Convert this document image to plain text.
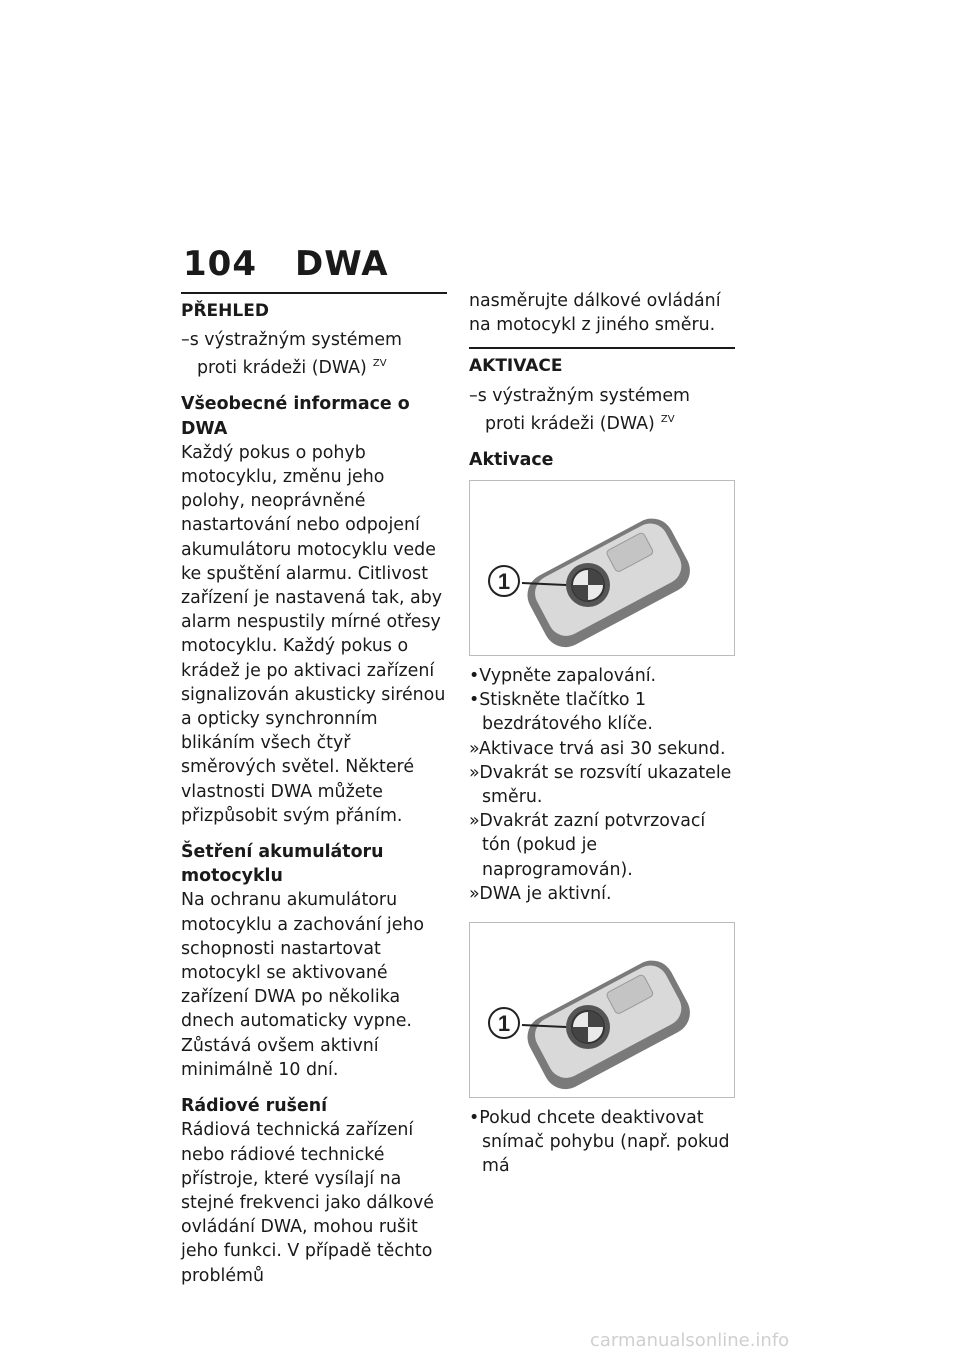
104 DWA
PŘEHLED

–s výstražným systémem proti krádeži (DWA) $^{ZV}$

Všeobecné informace o DWA

Každý pokus o pohyb motocyklu, změnu jeho polohy, neoprávněné nastartování nebo odpojení akumulátoru motocyklu vede ke spuštění alarmu. Citlivost zařízení je nastavená tak, aby alarm nespustily mírné otřesy motocyklu. Každý pokus o krádež je po aktivaci zařízení signalizován akusticky sirénou a opticky synchronním blikáním všech čtyř směrových světel. Některé vlastnosti DWA můžete přizpůsobit svým přáním.

Šetření akumulátoru motocyklu

Na ochranu akumulátoru motocyklu a zachování jeho schopnosti nastartovat motocykl se aktivované zařízení DWA po několika dnech automaticky vypne. Zůstává ovšem aktivní minimálně 10 dní.

Rádiové rušení

Rádiová technická zařízení nebo rádiové technické přístroje, které vysílají na stejné frekvenci jako dálkové ovládání DWA, mohou rušit jeho funkci. V případě těchto problémů

nasměrujte dálkové ovládání na motocykl z jiného směru.

AKTIVACE

–s výstražným systémem proti krádeži (DWA) $^{ZV}$

Aktivace

1

• Vypněte zapalování.

• Stiskněte tlačítko 1 bezdrátového klíče.

» Aktivace trvá asi 30 sekund.

» Dvakrát se rozsvítí ukazatele směru.

» Dvakrát zazní potvrzovací tón (pokud je naprogramován).

» DWA je aktivní.

1

• Pokud chcete deaktivovat snímač pohybu (např. pokud má

carmanualsonline.info
